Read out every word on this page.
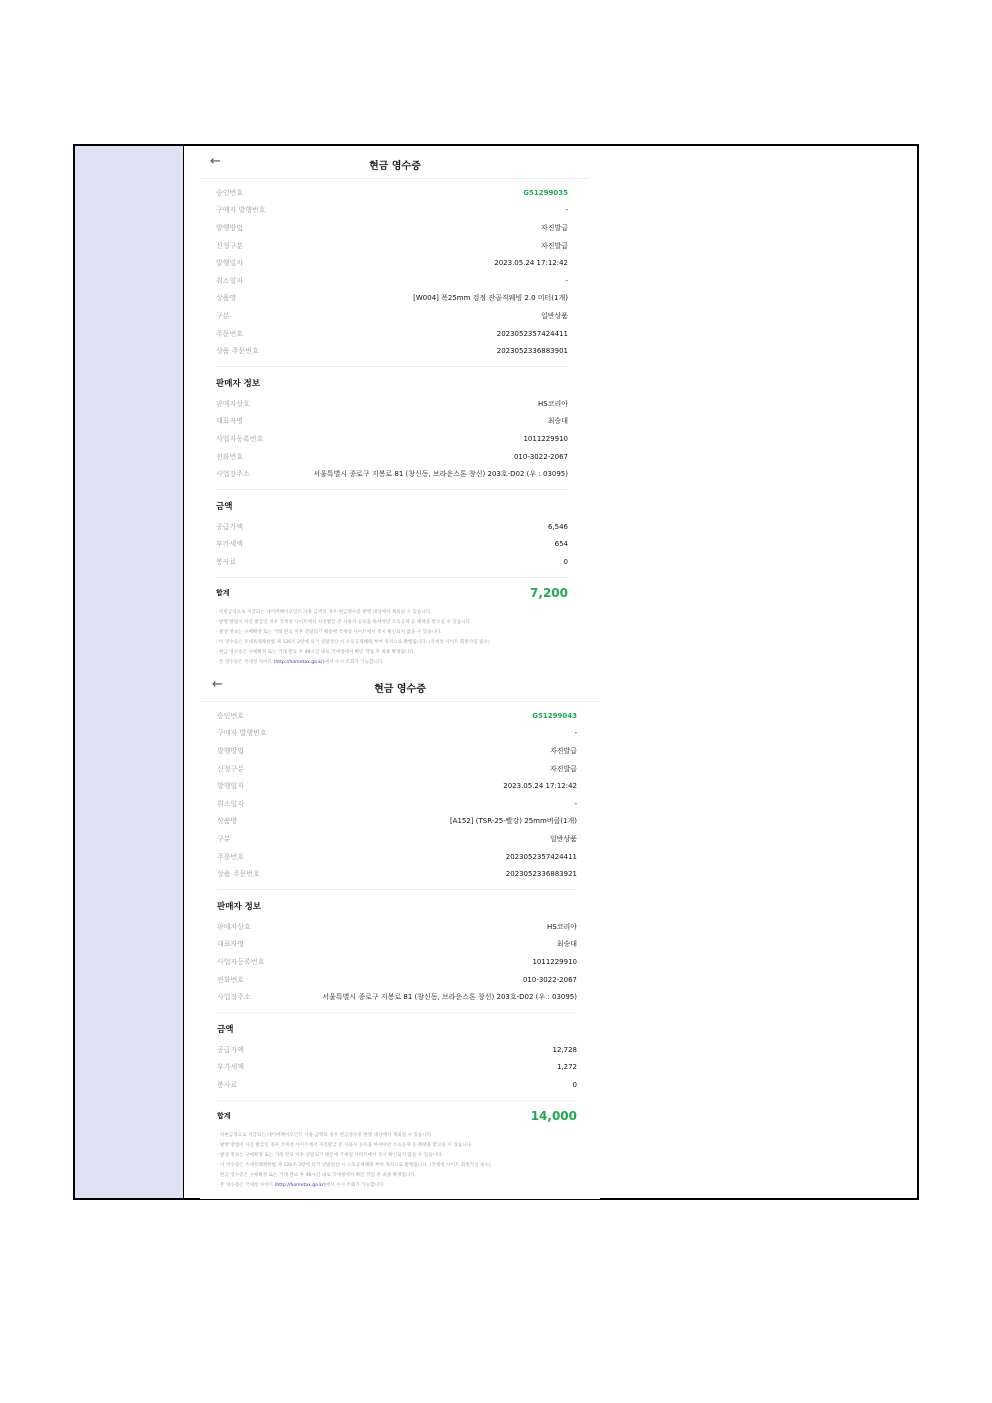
←	현금 영수증
승인번호	G51299035
구매자 발행번호	-
발행방법	자진발급
신청구분	자진발급
발행일자	2023.05.24 17:12:42
취소일자	-
상품명	[W004] 폭25mm 검정 잔골직웨빙 2.0 미터(1개)
구분	일반상품
주문번호	2023052357424411
상품 주문번호	2023052336883901
판매자 정보
판매자상호	HS코리아
대표자명	최승대
사업자등록번호	1011229910
전화번호	010-3022-2067
사업장주소	서울특별시 종로구 지봉로 81 (창신동, 브라운스톤 창신) 203호-D02 (우 : 03095)
금액
공급가액	6,546
부가세액	654
봉사료	0
합계	7,200
· 비현금성으로 지급되는 네이버페이포인트 사용 금액의 경우 현금영수증 발행 대상에서 제외될 수 있습니다.
· 발행 방법이 자진 발급인 경우 국세청 사이트에서 자진발급 분 사용자 등록을 하셔야만 소득공제 등 혜택을 받으실 수 있습니다.
· 발생 정보는 구매확정 또는 거래 완료 이후 전달되기 때문에 국세청 사이트에서 즉시 확인되지 않을 수 있습니다.
· 이 영수증은 조세특례제한법 제 126조 3항에 의거 연말정산 시 소득공제혜택 부여 목적으로 발행됩니다. (국세청 사이트 회원가입 필수)
· 현금 영수증은 구매확정 또는 거래 완료 후 48시간 내로 국세청에서 확인 작업 후 최종 확정됩니다.
· 본 영수증은 국세청 사이트 (http://hometax.go.kr)에서 수시 조회가 가능합니다.
←	현금 영수증
승인번호	G51299043
구매자 발행번호	-
발행방법	자진발급
신청구분	자진발급
발행일자	2023.05.24 17:12:42
취소일자	-
상품명	[A152] (TSR-25-빨강) 25mm버클(1개)
구분	일반상품
주문번호	2023052357424411
상품 주문번호	2023052336883921
판매자 정보
판매자상호	HS코리아
대표자명	최승대
사업자등록번호	1011229910
전화번호	010-3022-2067
사업장주소	서울특별시 종로구 지봉로 81 (창신동, 브라운스톤 창신) 203호-D02 (우 : 03095)
금액
공급가액	12,728
부가세액	1,272
봉사료	0
합계	14,000
· 비현금성으로 지급되는 네이버페이포인트 사용 금액의 경우 현금영수증 발행 대상에서 제외될 수 있습니다.
· 발행 방법이 자진 발급인 경우 국세청 사이트에서 자진발급 분 사용자 등록을 하셔야만 소득공제 등 혜택을 받으실 수 있습니다.
· 발생 정보는 구매확정 또는 거래 완료 이후 전달되기 때문에 국세청 사이트에서 즉시 확인되지 않을 수 있습니다.
· 이 영수증은 조세특례제한법 제 126조 3항에 의거 연말정산 시 소득공제혜택 부여 목적으로 발행됩니다. (국세청 사이트 회원가입 필수)
· 현금 영수증은 구매확정 또는 거래 완료 후 48시간 내로 국세청에서 확인 작업 후 최종 확정됩니다.
· 본 영수증은 국세청 사이트 (http://hometax.go.kr)에서 수시 조회가 가능합니다.
